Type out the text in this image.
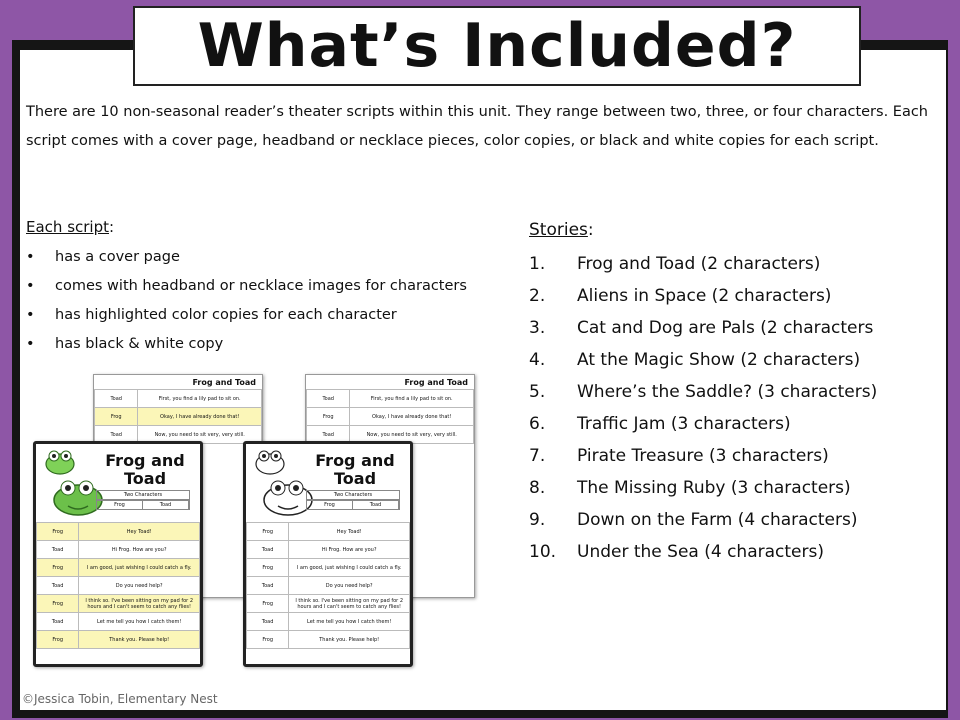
What’s Included?

There are 10 non-seasonal reader’s theater scripts within this unit. They range between two, three, or four characters. Each script comes with a cover page, headband or necklace pieces, color copies, or black and white copies for each script.

Each script:
• has a cover page
• comes with headband or necklace images for characters
• has highlighted color copies for each character
• has black & white copy
Stories:
1. Frog and Toad (2 characters)
2. Aliens in Space (2 characters)
3. Cat and Dog are Pals (2 characters
4. At the Magic Show (2 characters)
5. Where’s the Saddle? (3 characters)
6. Traffic Jam (3 characters)
7. Pirate Treasure (3 characters)
8. The Missing Ruby (3 characters)
9. Down on the Farm (4 characters)
10. Under the Sea (4 characters)
Frog and Toad
Toad	First, you find a lily pad to sit on.
Frog	Okay, I have already done that!
Toad	Now, you need to sit very, very still.
Frog and Toad
Toad	First, you find a lily pad to sit on.
Frog	Okay, I have already done that!
Toad	Now, you need to sit very, very still.
Frog and Toad
Two Characters
Frog	Toad
Frog	Hey Toad!
Toad	Hi Frog. How are you?
Frog	I am good, just wishing I could catch a fly.
Toad	Do you need help?
Frog	I think so. I've been sitting on my pad for 2 hours and I can't seem to catch any flies!
Toad	Let me tell you how I catch them!
Frog	Thank you. Please help!
Frog and Toad
Two Characters
Frog	Toad
Frog	Hey Toad!
Toad	Hi Frog. How are you?
Frog	I am good, just wishing I could catch a fly.
Toad	Do you need help?
Frog	I think so. I've been sitting on my pad for 2 hours and I can't seem to catch any flies!
Toad	Let me tell you how I catch them!
Frog	Thank you. Please help!
©Jessica Tobin, Elementary Nest
